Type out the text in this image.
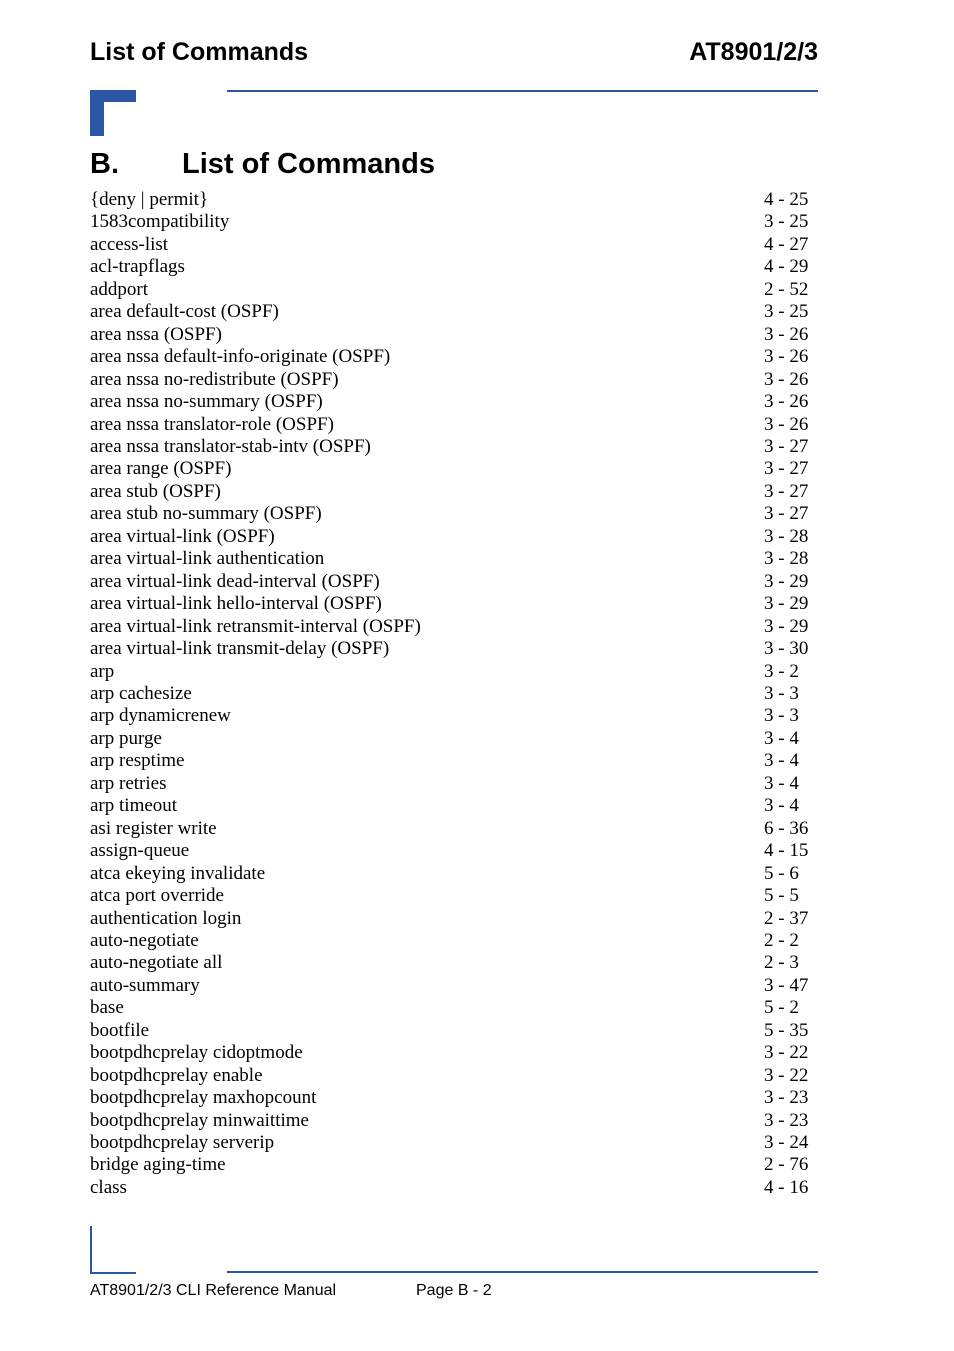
List of Commands	AT8901/2/3
B. List of Commands
{deny | permit}	4 - 25
1583compatibility	3 - 25
access-list	4 - 27
acl-trapflags	4 - 29
addport	2 - 52
area default-cost (OSPF)	3 - 25
area nssa (OSPF)	3 - 26
area nssa default-info-originate (OSPF)	3 - 26
area nssa no-redistribute (OSPF)	3 - 26
area nssa no-summary (OSPF)	3 - 26
area nssa translator-role (OSPF)	3 - 26
area nssa translator-stab-intv (OSPF)	3 - 27
area range (OSPF)	3 - 27
area stub (OSPF)	3 - 27
area stub no-summary (OSPF)	3 - 27
area virtual-link (OSPF)	3 - 28
area virtual-link authentication	3 - 28
area virtual-link dead-interval (OSPF)	3 - 29
area virtual-link hello-interval (OSPF)	3 - 29
area virtual-link retransmit-interval (OSPF)	3 - 29
area virtual-link transmit-delay (OSPF)	3 - 30
arp	3 - 2
arp cachesize	3 - 3
arp dynamicrenew	3 - 3
arp purge	3 - 4
arp resptime	3 - 4
arp retries	3 - 4
arp timeout	3 - 4
asi register write	6 - 36
assign-queue	4 - 15
atca ekeying invalidate	5 - 6
atca port override	5 - 5
authentication login	2 - 37
auto-negotiate	2 - 2
auto-negotiate all	2 - 3
auto-summary	3 - 47
base	5 - 2
bootfile	5 - 35
bootpdhcprelay cidoptmode	3 - 22
bootpdhcprelay enable	3 - 22
bootpdhcprelay maxhopcount	3 - 23
bootpdhcprelay minwaittime	3 - 23
bootpdhcprelay serverip	3 - 24
bridge aging-time	2 - 76
class	4 - 16
AT8901/2/3 CLI Reference Manual	Page B - 2
